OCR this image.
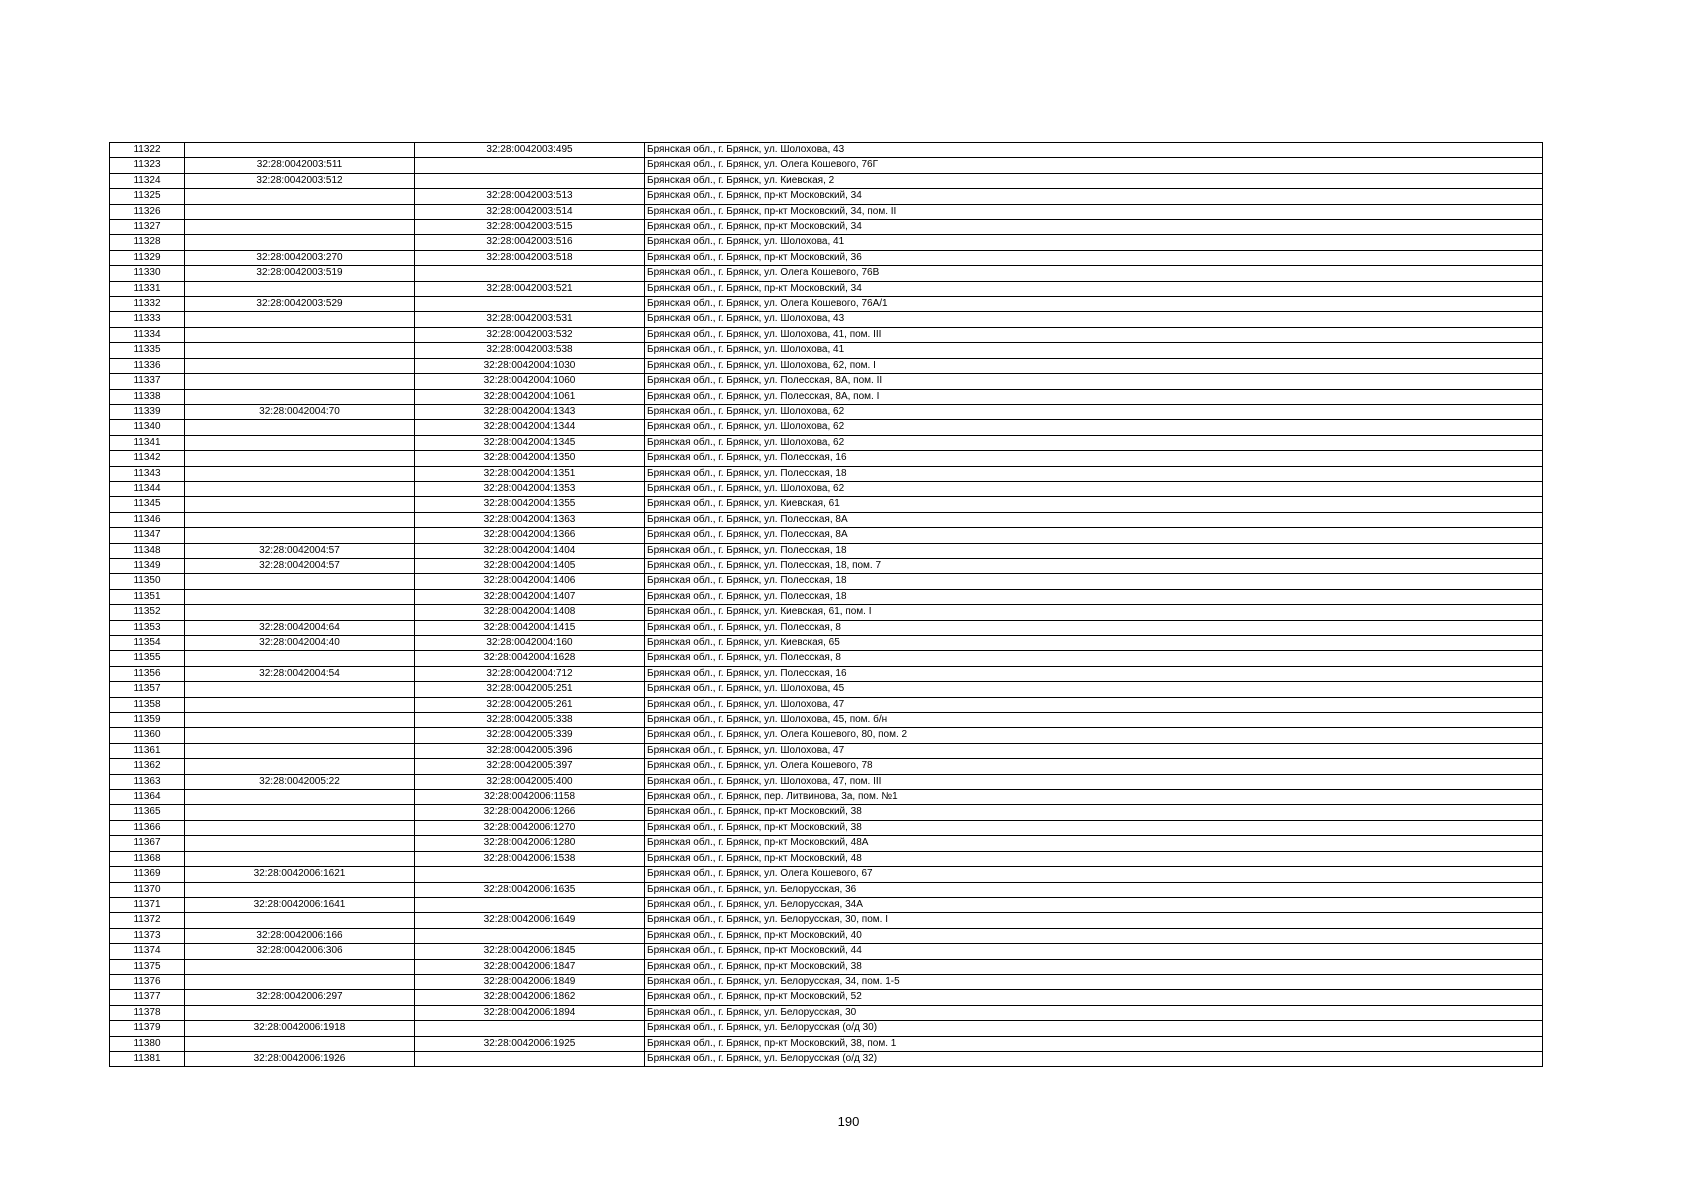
11322		32:28:0042003:495	Брянская обл., г. Брянск, ул. Шолохова, 43
11323	32:28:0042003:511		Брянская обл., г. Брянск, ул. Олега Кошевого, 76Г
11324	32:28:0042003:512		Брянская обл., г. Брянск, ул. Киевская, 2
11325		32:28:0042003:513	Брянская обл., г. Брянск, пр-кт Московский, 34
11326		32:28:0042003:514	Брянская обл., г. Брянск, пр-кт Московский, 34, пом. II
11327		32:28:0042003:515	Брянская обл., г. Брянск, пр-кт Московский, 34
11328		32:28:0042003:516	Брянская обл., г. Брянск, ул. Шолохова, 41
11329	32:28:0042003:270	32:28:0042003:518	Брянская обл., г. Брянск, пр-кт Московский, 36
11330	32:28:0042003:519		Брянская обл., г. Брянск, ул. Олега Кошевого, 76В
11331		32:28:0042003:521	Брянская обл., г. Брянск, пр-кт Московский, 34
11332	32:28:0042003:529		Брянская обл., г. Брянск, ул. Олега Кошевого, 76А/1
11333		32:28:0042003:531	Брянская обл., г. Брянск, ул. Шолохова, 43
11334		32:28:0042003:532	Брянская обл., г. Брянск, ул. Шолохова, 41, пом. III
11335		32:28:0042003:538	Брянская обл., г. Брянск, ул. Шолохова, 41
11336		32:28:0042004:1030	Брянская обл., г. Брянск, ул. Шолохова, 62, пом. I
11337		32:28:0042004:1060	Брянская обл., г. Брянск, ул. Полесская, 8А, пом. II
11338		32:28:0042004:1061	Брянская обл., г. Брянск, ул. Полесская, 8А, пом. I
11339	32:28:0042004:70	32:28:0042004:1343	Брянская обл., г. Брянск, ул. Шолохова, 62
11340		32:28:0042004:1344	Брянская обл., г. Брянск, ул. Шолохова, 62
11341		32:28:0042004:1345	Брянская обл., г. Брянск, ул. Шолохова, 62
11342		32:28:0042004:1350	Брянская обл., г. Брянск, ул. Полесская, 16
11343		32:28:0042004:1351	Брянская обл., г. Брянск, ул. Полесская, 18
11344		32:28:0042004:1353	Брянская обл., г. Брянск, ул. Шолохова, 62
11345		32:28:0042004:1355	Брянская обл., г. Брянск, ул. Киевская, 61
11346		32:28:0042004:1363	Брянская обл., г. Брянск, ул. Полесская, 8А
11347		32:28:0042004:1366	Брянская обл., г. Брянск, ул. Полесская, 8А
11348	32:28:0042004:57	32:28:0042004:1404	Брянская обл., г. Брянск, ул. Полесская, 18
11349	32:28:0042004:57	32:28:0042004:1405	Брянская обл., г. Брянск, ул. Полесская, 18, пом. 7
11350		32:28:0042004:1406	Брянская обл., г. Брянск, ул. Полесская, 18
11351		32:28:0042004:1407	Брянская обл., г. Брянск, ул. Полесская, 18
11352		32:28:0042004:1408	Брянская обл., г. Брянск, ул. Киевская, 61, пом. I
11353	32:28:0042004:64	32:28:0042004:1415	Брянская обл., г. Брянск, ул. Полесская, 8
11354	32:28:0042004:40	32:28:0042004:160	Брянская обл., г. Брянск, ул. Киевская, 65
11355		32:28:0042004:1628	Брянская обл., г. Брянск, ул. Полесская, 8
11356	32:28:0042004:54	32:28:0042004:712	Брянская обл., г. Брянск, ул. Полесская, 16
11357		32:28:0042005:251	Брянская обл., г. Брянск, ул. Шолохова, 45
11358		32:28:0042005:261	Брянская обл., г. Брянск, ул. Шолохова, 47
11359		32:28:0042005:338	Брянская обл., г. Брянск, ул. Шолохова, 45, пом. б/н
11360		32:28:0042005:339	Брянская обл., г. Брянск, ул. Олега Кошевого, 80, пом. 2
11361		32:28:0042005:396	Брянская обл., г. Брянск, ул. Шолохова, 47
11362		32:28:0042005:397	Брянская обл., г. Брянск, ул. Олега Кошевого, 78
11363	32:28:0042005:22	32:28:0042005:400	Брянская обл., г. Брянск, ул. Шолохова, 47, пом. III
11364		32:28:0042006:1158	Брянская обл., г. Брянск, пер. Литвинова, 3а, пом. №1
11365		32:28:0042006:1266	Брянская обл., г. Брянск, пр-кт Московский, 38
11366		32:28:0042006:1270	Брянская обл., г. Брянск, пр-кт Московский, 38
11367		32:28:0042006:1280	Брянская обл., г. Брянск, пр-кт Московский, 48А
11368		32:28:0042006:1538	Брянская обл., г. Брянск, пр-кт Московский, 48
11369	32:28:0042006:1621		Брянская обл., г. Брянск, ул. Олега Кошевого, 67
11370		32:28:0042006:1635	Брянская обл., г. Брянск, ул. Белорусская, 36
11371	32:28:0042006:1641		Брянская обл., г. Брянск, ул. Белорусская, 34А
11372		32:28:0042006:1649	Брянская обл., г. Брянск, ул. Белорусская, 30, пом. I
11373	32:28:0042006:166		Брянская обл., г. Брянск, пр-кт Московский, 40
11374	32:28:0042006:306	32:28:0042006:1845	Брянская обл., г. Брянск, пр-кт Московский, 44
11375		32:28:0042006:1847	Брянская обл., г. Брянск, пр-кт Московский, 38
11376		32:28:0042006:1849	Брянская обл., г. Брянск, ул. Белорусская, 34, пом. 1-5
11377	32:28:0042006:297	32:28:0042006:1862	Брянская обл., г. Брянск, пр-кт Московский, 52
11378		32:28:0042006:1894	Брянская обл., г. Брянск, ул. Белорусская, 30
11379	32:28:0042006:1918		Брянская обл., г. Брянск, ул. Белорусская (о/д 30)
11380		32:28:0042006:1925	Брянская обл., г. Брянск, пр-кт Московский, 38, пом. 1
11381	32:28:0042006:1926		Брянская обл., г. Брянск, ул. Белорусская (о/д 32)
190
